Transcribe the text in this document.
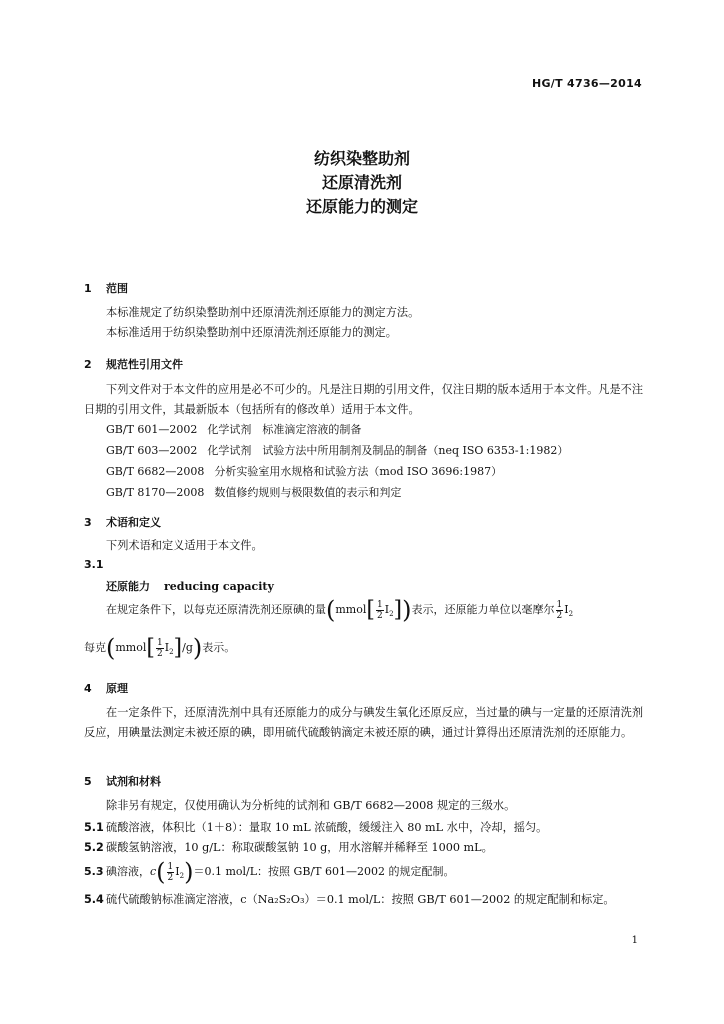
HG/T 4736—2014
纺织染整助剂
还原清洗剂
还原能力的测定
1 范围
本标准规定了纺织染整助剂中还原清洗剂还原能力的测定方法。
本标准适用于纺织染整助剂中还原清洗剂还原能力的测定。
2 规范性引用文件
下列文件对于本文件的应用是必不可少的。凡是注日期的引用文件，仅注日期的版本适用于本文件。凡是不注日期的引用文件，其最新版本（包括所有的修改单）适用于本文件。
GB/T 601—2002 化学试剂　标准滴定溶液的制备
GB/T 603—2002 化学试剂　试验方法中所用制剂及制品的制备（neq ISO 6353-1:1982）
GB/T 6682—2008 分析实验室用水规格和试验方法（mod ISO 3696:1987）
GB/T 8170—2008 数值修约规则与极限数值的表示和判定
3 术语和定义
下列术语和定义适用于本文件。
3.1
还原能力 reducing capacity
在规定条件下，以每克还原清洗剂还原碘的量(mmol[ $\frac{1}{2} I_2$])表示，还原能力单位以毫摩尔 $\frac{1}{2} I_2$
每克(mmol[ $\frac{1}{2} I_2]/g$)表示。
4 原理
在一定条件下，还原清洗剂中具有还原能力的成分与碘发生氧化还原反应，当过量的碘与一定量的还原清洗剂反应，用碘量法测定未被还原的碘，即用硫代硫酸钠滴定未被还原的碘，通过计算得出还原清洗剂的还原能力。
5 试剂和材料
除非另有规定，仅使用确认为分析纯的试剂和 GB/T 6682—2008 规定的三级水。
5.1 硫酸溶液，体积比（1＋8）：量取 10 mL 浓硫酸，缓缓注入 80 mL 水中，冷却，摇匀。
5.2 碳酸氢钠溶液，10 g/L：称取碳酸氢钠 10 g，用水溶解并稀释至 1000 mL。
5.3 碘溶液，$c( \frac{1}{2} I_2)=0.1$ mol/L：按照 GB/T 601—2002 的规定配制。
5.4 硫代硫酸钠标准滴定溶液，c（Na₂S₂O₃）＝0.1 mol/L：按照 GB/T 601—2002 的规定配制和标定。
1
